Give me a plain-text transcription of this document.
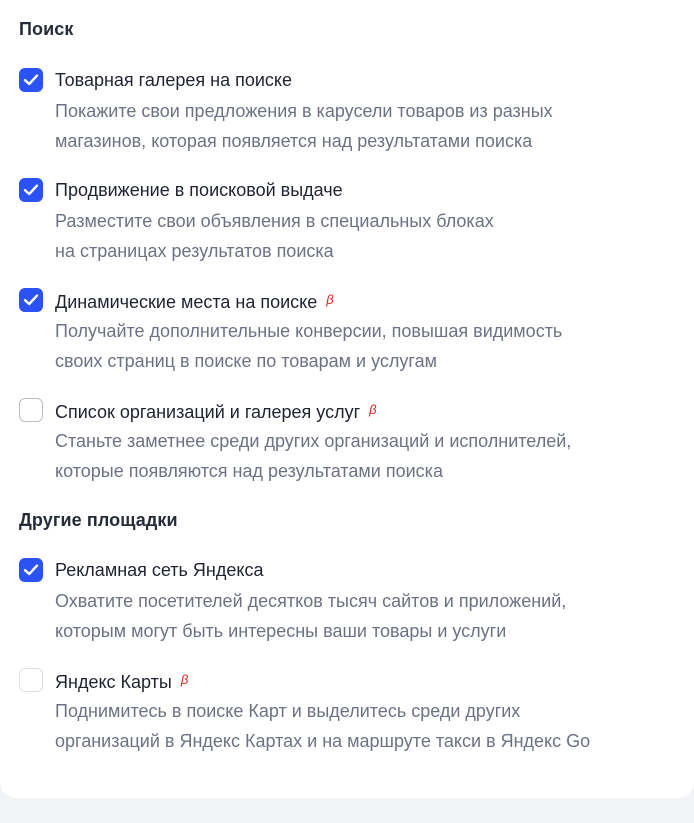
Поиск
Товарная галерея на поиске
Покажите свои предложения в карусели товаров из разных
магазинов, которая появляется над результатами поиска
Продвижение в поисковой выдаче
Разместите свои объявления в специальных блоках
на страницах результатов поиска
Динамические места на поиске $^\beta$
Получайте дополнительные конверсии, повышая видимость
своих страниц в поиске по товарам и услугам
Список организаций и галерея услуг $^\beta$
Станьте заметнее среди других организаций и исполнителей,
которые появляются над результатами поиска
Другие площадки
Рекламная сеть Яндекса
Охватите посетителей десятков тысяч сайтов и приложений,
которым могут быть интересны ваши товары и услуги
Яндекс Карты $^\beta$
Поднимитесь в поиске Карт и выделитесь среди других
организаций в Яндекс Картах и на маршруте такси в Яндекс Go
